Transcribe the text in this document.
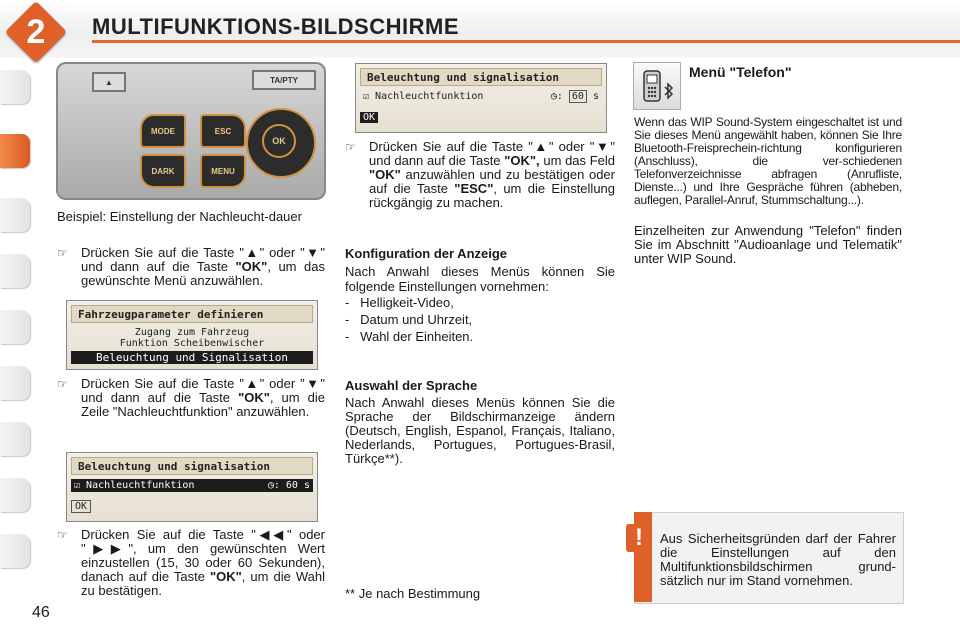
2	MULTIFUNKTIONS-BILDSCHIRME
▲	TA/PTY
MODE
DARK
ESC
MENU
OK
Beispiel: Einstellung der Nachleucht-dauer
☞	Drücken Sie auf die Taste "▲" oder "▼" und dann auf die Taste "OK", um das gewünschte Menü anzuwählen.
Fahrzeugparameter definieren
Zugang zum Fahrzeug
Funktion Scheibenwischer
Beleuchtung und Signalisation
☞	Drücken Sie auf die Taste "▲" oder "▼" und dann auf die Taste "OK", um die Zeile "Nachleuchtfunktion" anzuwählen.
Beleuchtung und signalisation
☑ Nachleuchtfunktion	◷: 60 s
OK
☞	Drücken Sie auf die Taste "◀◀" oder "▶▶", um den gewünschten Wert einzustellen (15, 30 oder 60 Sekunden), danach auf die Taste "OK", um die Wahl zu bestätigen.
46
Beleuchtung und signalisation
☑ Nachleuchtfunktion	◷: 60 s
OK
☞	Drücken Sie auf die Taste "▲" oder "▼" und dann auf die Taste "OK", um das Feld "OK" anzuwählen und zu bestätigen oder auf die Taste "ESC", um die Einstellung rückgängig zu machen.
Konfiguration der Anzeige
Nach Anwahl dieses Menüs können Sie folgende Einstellungen vornehmen:
-   Helligkeit-Video,
-   Datum und Uhrzeit,
-   Wahl der Einheiten.
Auswahl der Sprache
Nach Anwahl dieses Menüs können Sie die Sprache der Bildschirmanzeige ändern (Deutsch, English, Espanol, Français, Italiano, Nederlands, Portugues, Portugues-Brasil, Türkçe**).
** Je nach Bestimmung
Menü "Telefon"
Wenn das WIP Sound-System eingeschaltet ist und Sie dieses Menü angewählt haben, können Sie Ihre Bluetooth-Freisprechein-richtung konfigurieren (Anschluss), die ver-schiedenen Telefonverzeichnisse abfragen (Anrufliste, Dienste...) und Ihre Gespräche führen (abheben, auflegen, Parallel-Anruf, Stummschaltung...).
Einzelheiten zur Anwendung "Telefon" finden Sie im Abschnitt "Audioanlage und Telematik" unter WIP Sound.
!	Aus Sicherheitsgründen darf der Fahrer die Einstellungen auf den Multifunktionsbildschirmen grund-sätzlich nur im Stand vornehmen.
